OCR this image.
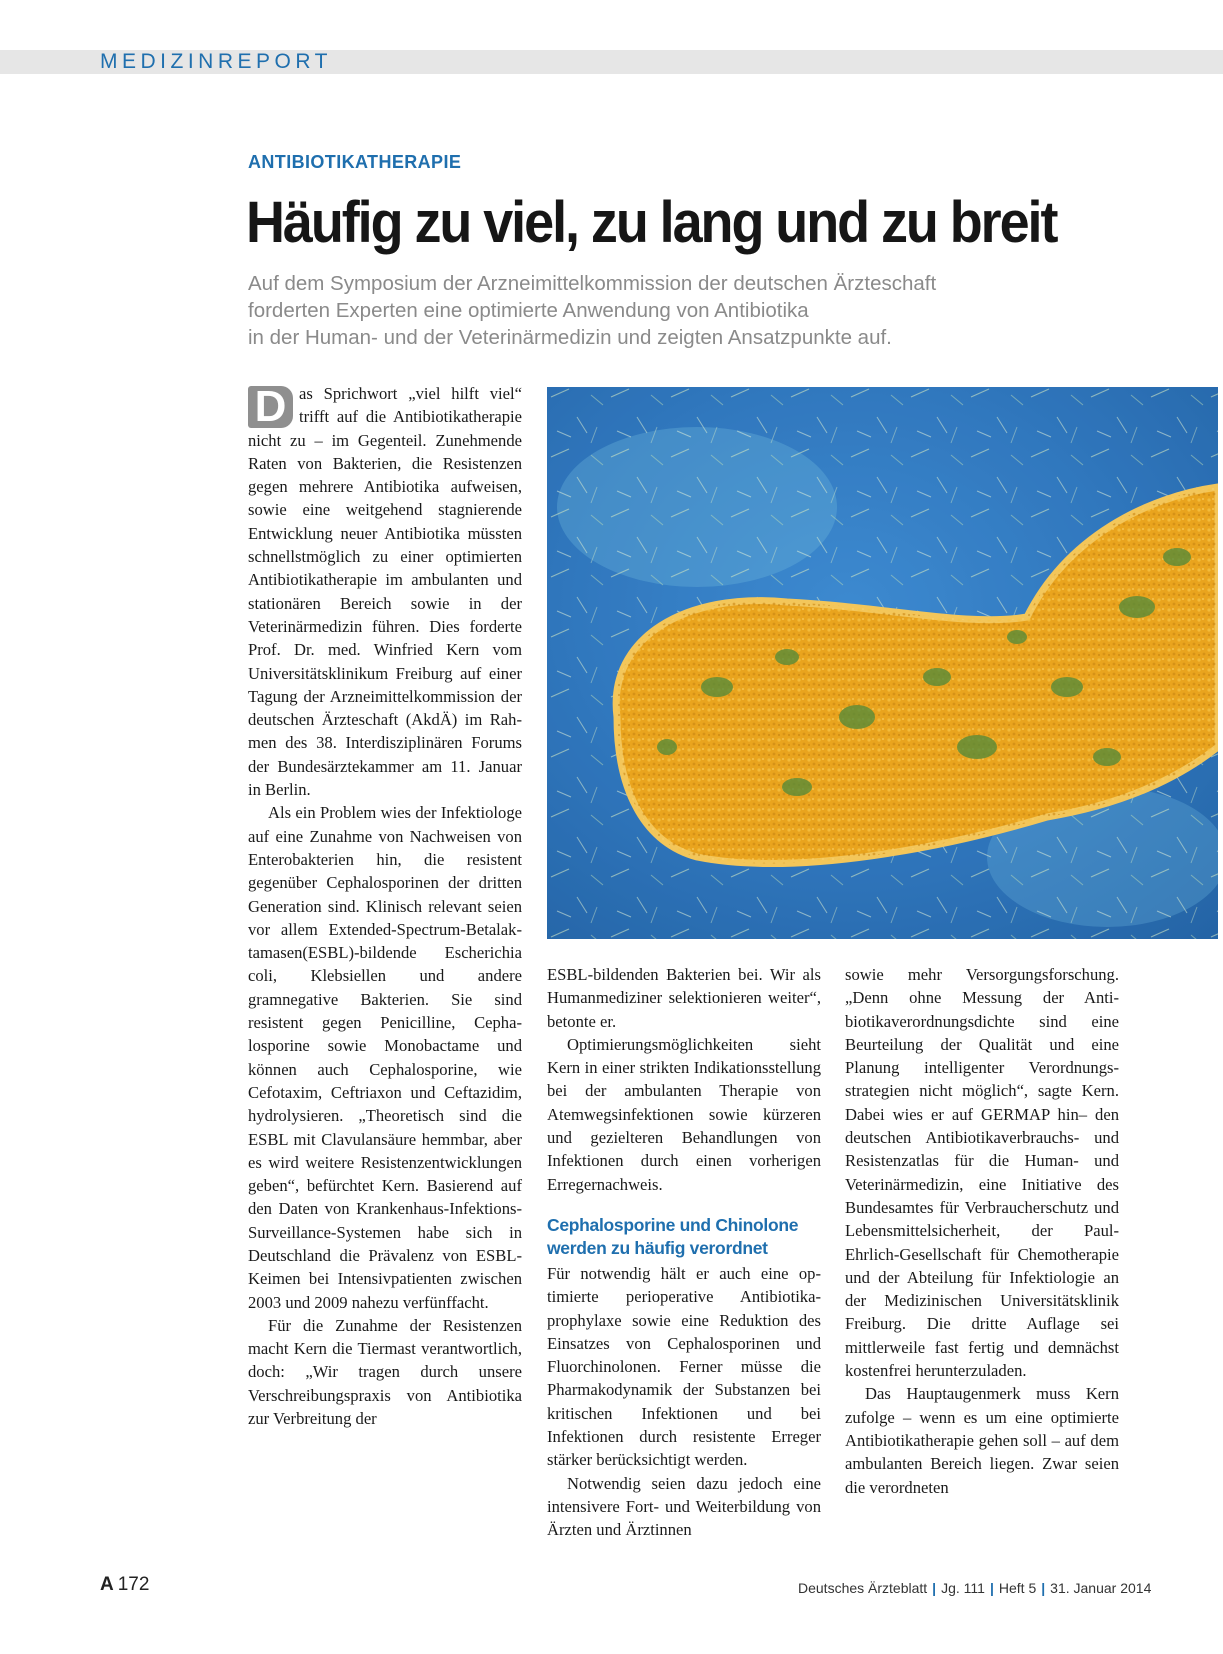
MEDIZINREPORT
ANTIBIOTIKATHERAPIE
Häufig zu viel, zu lang und zu breit
Auf dem Symposium der Arzneimittelkommission der deutschen Ärzteschaft
forderten Experten eine optimierte Anwendung von Antibiotika
in der Human- und der Veterinärmedizin und zeigten Ansatzpunkte auf.

D as Sprichwort „viel hilft viel“ trifft auf die Antibiotikatherapie nicht zu – im Gegenteil. Zunehmende Raten von Bakterien, die Resistenzen gegen mehrere Antibiotika aufweisen, sowie eine weitgehend stagnierende Entwicklung neuer Antibiotika müssten schnellstmöglich zu einer optimierten Antibiotikatherapie im ambulanten und stationären Bereich sowie in der Veterinärmedizin führen. Dies forderte Prof. Dr. med. Winfried Kern vom Universitätsklinikum Freiburg auf einer Tagung der Arzneimittelkommission der deutschen Ärzteschaft (AkdÄ) im Rahmen des 38. Interdisziplinären Forums der Bundesärztekammer am 11. Januar in Berlin.

Als ein Problem wies der Infektiologe auf eine Zunahme von Nachweisen von Enterobakterien hin, die resistent gegenüber Cephalosporinen der dritten Generation sind. Klinisch relevant seien vor allem Extended-Spectrum-Betalaktamasen(ESBL)-bildende Escherichia coli, Klebsiellen und andere gramnegative Bakterien. Sie sind resistent gegen Penicilline, Cephalosporine sowie Monobactame und können auch Cephalosporine, wie Cefotaxim, Ceftriaxon und Ceftazidim, hydrolysieren. „Theoretisch sind die ESBL mit Clavulansäure hemmbar, aber es wird weitere Resistenzentwicklungen geben“, befürchtet Kern. Basierend auf den Daten von Krankenhaus-Infektions-Surveillance-Systemen habe sich in Deutschland die Prävalenz von ESBL-Keimen bei Intensivpatienten zwischen 2003 und 2009 nahezu verfünffacht.

Für die Zunahme der Resistenzen macht Kern die Tiermast verantwortlich, doch: „Wir tragen durch unsere Verschreibungspraxis von Antibiotika zur Verbreitung der

ESBL-bildenden Bakterien bei. Wir als Humanmediziner selektionieren weiter“, betonte er.

Optimierungsmöglichkeiten sieht Kern in einer strikten Indikationsstellung bei der ambulanten Therapie von Atemwegsinfektionen sowie kürzeren und gezielteren Behandlungen von Infektionen durch einen vorherigen Erregernachweis.

Cephalosporine und Chinolone werden zu häufig verordnet

Für notwendig hält er auch eine optimierte perioperative Antibiotikaprophylaxe sowie eine Reduktion des Einsatzes von Cephalosporinen und Fluorchinolonen. Ferner müsse die Pharmakodynamik der Substanzen bei kritischen Infektionen und bei Infektionen durch resistente Erreger stärker berücksichtigt werden.

Notwendig seien dazu jedoch eine intensivere Fort- und Weiterbildung von Ärzten und Ärztinnen

sowie mehr Versorgungsforschung. „Denn ohne Messung der Antibiotikaverordnungsdichte sind eine Beurteilung der Qualität und eine Planung intelligenter Verordnungsstrategien nicht möglich“, sagte Kern. Dabei wies er auf GERMAP hin– den deutschen Antibiotikaverbrauchs- und Resistenzatlas für die Human- und Veterinärmedizin, eine Initiative des Bundesamtes für Verbraucherschutz und Lebensmittelsicherheit, der Paul-Ehrlich-Gesellschaft für Chemotherapie und der Abteilung für Infektiologie an der Medizinischen Universitätsklinik Freiburg. Die dritte Auflage sei mittlerweile fast fertig und demnächst kostenfrei herunterzuladen.

Das Hauptaugenmerk muss Kern zufolge – wenn es um eine optimierte Antibiotikatherapie gehen soll – auf dem ambulanten Bereich liegen. Zwar seien die verordneten

A 172	Deutsches Ärzteblatt | Jg. 111 | Heft 5 | 31. Januar 2014
